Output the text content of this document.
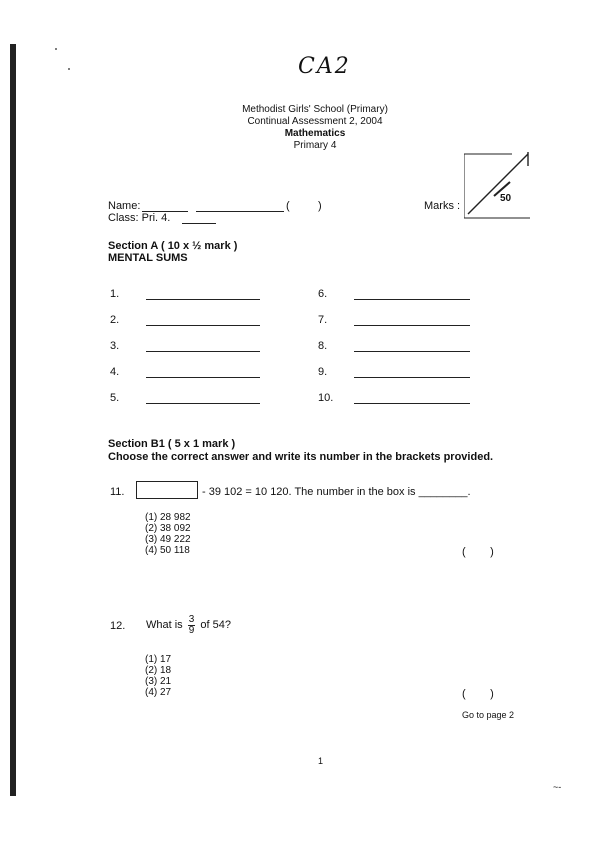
CA2
Methodist Girls' School (Primary)
Continual Assessment 2, 2004
Mathematics
Primary 4
50
Marks :
Name:	(	)
Class: Pri. 4.
Section A ( 10 x ½ mark )
MENTAL SUMS
1.
2.
3.
4.
5.
6.
7.
8.
9.
10.
Section B1 ( 5 x 1 mark )
Choose the correct answer and write its number in the brackets provided.
11.	- 39 102 = 10 120. The number in the box is ________.
(1) 28 982
(2) 38 092
(3) 49 222
(4) 50 118	(        )
12. What is $\frac{3}{9}$ of 54?
(1) 17
(2) 18
(3) 21
(4) 27	(        )
Go to page 2
1
~-
